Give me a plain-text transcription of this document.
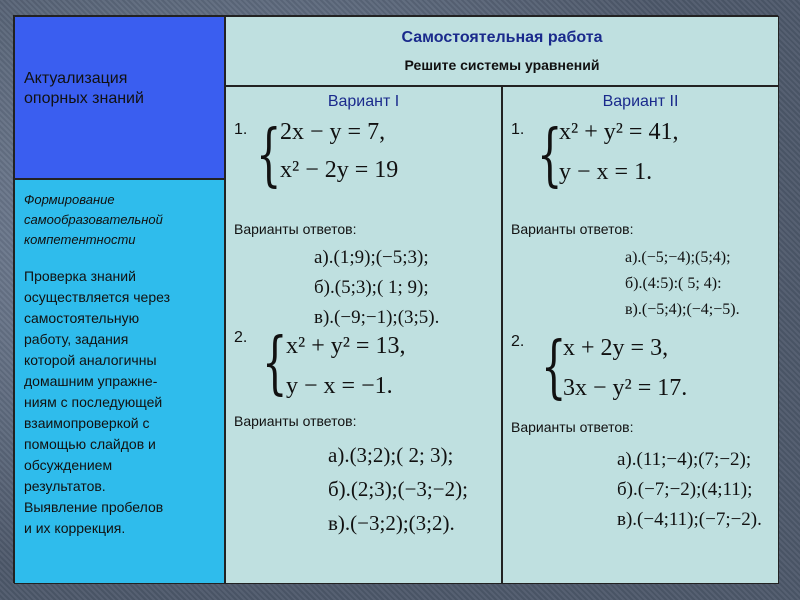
Актуализация
опорных знаний
Формирование
самообразовательной
компетентности
Проверка знаний
осуществляется через
самостоятельную
работу, задания
которой аналогичны
домашним упражне-
ниям с последующей
взаимопроверкой с
помощью слайдов и
обсуждением
результатов.
Выявление пробелов
и их коррекция.
Самостоятельная работа
Решите системы уравнений
Вариант I
1. {
2x − y = 7,
x² − 2y = 19
Варианты ответов:
а).(1;9);(−5;3);
б).(5;3);( 1; 9);
в).(−9;−1);(3;5).
2. {
x² + y² = 13,
y − x = −1.
Варианты ответов:
а).(3;2);( 2; 3);
б).(2;3);(−3;−2);
в).(−3;2);(3;2).
Вариант II
1. {
x² + y² = 41,
y − x = 1.
Варианты ответов:
а).(−5;−4);(5;4);
б).(4:5):( 5; 4):
в).(−5;4);(−4;−5).
2. {
x + 2y = 3,
3x − y² = 17.
Варианты ответов:
а).(11;−4);(7;−2);
б).(−7;−2);(4;11);
в).(−4;11);(−7;−2).
